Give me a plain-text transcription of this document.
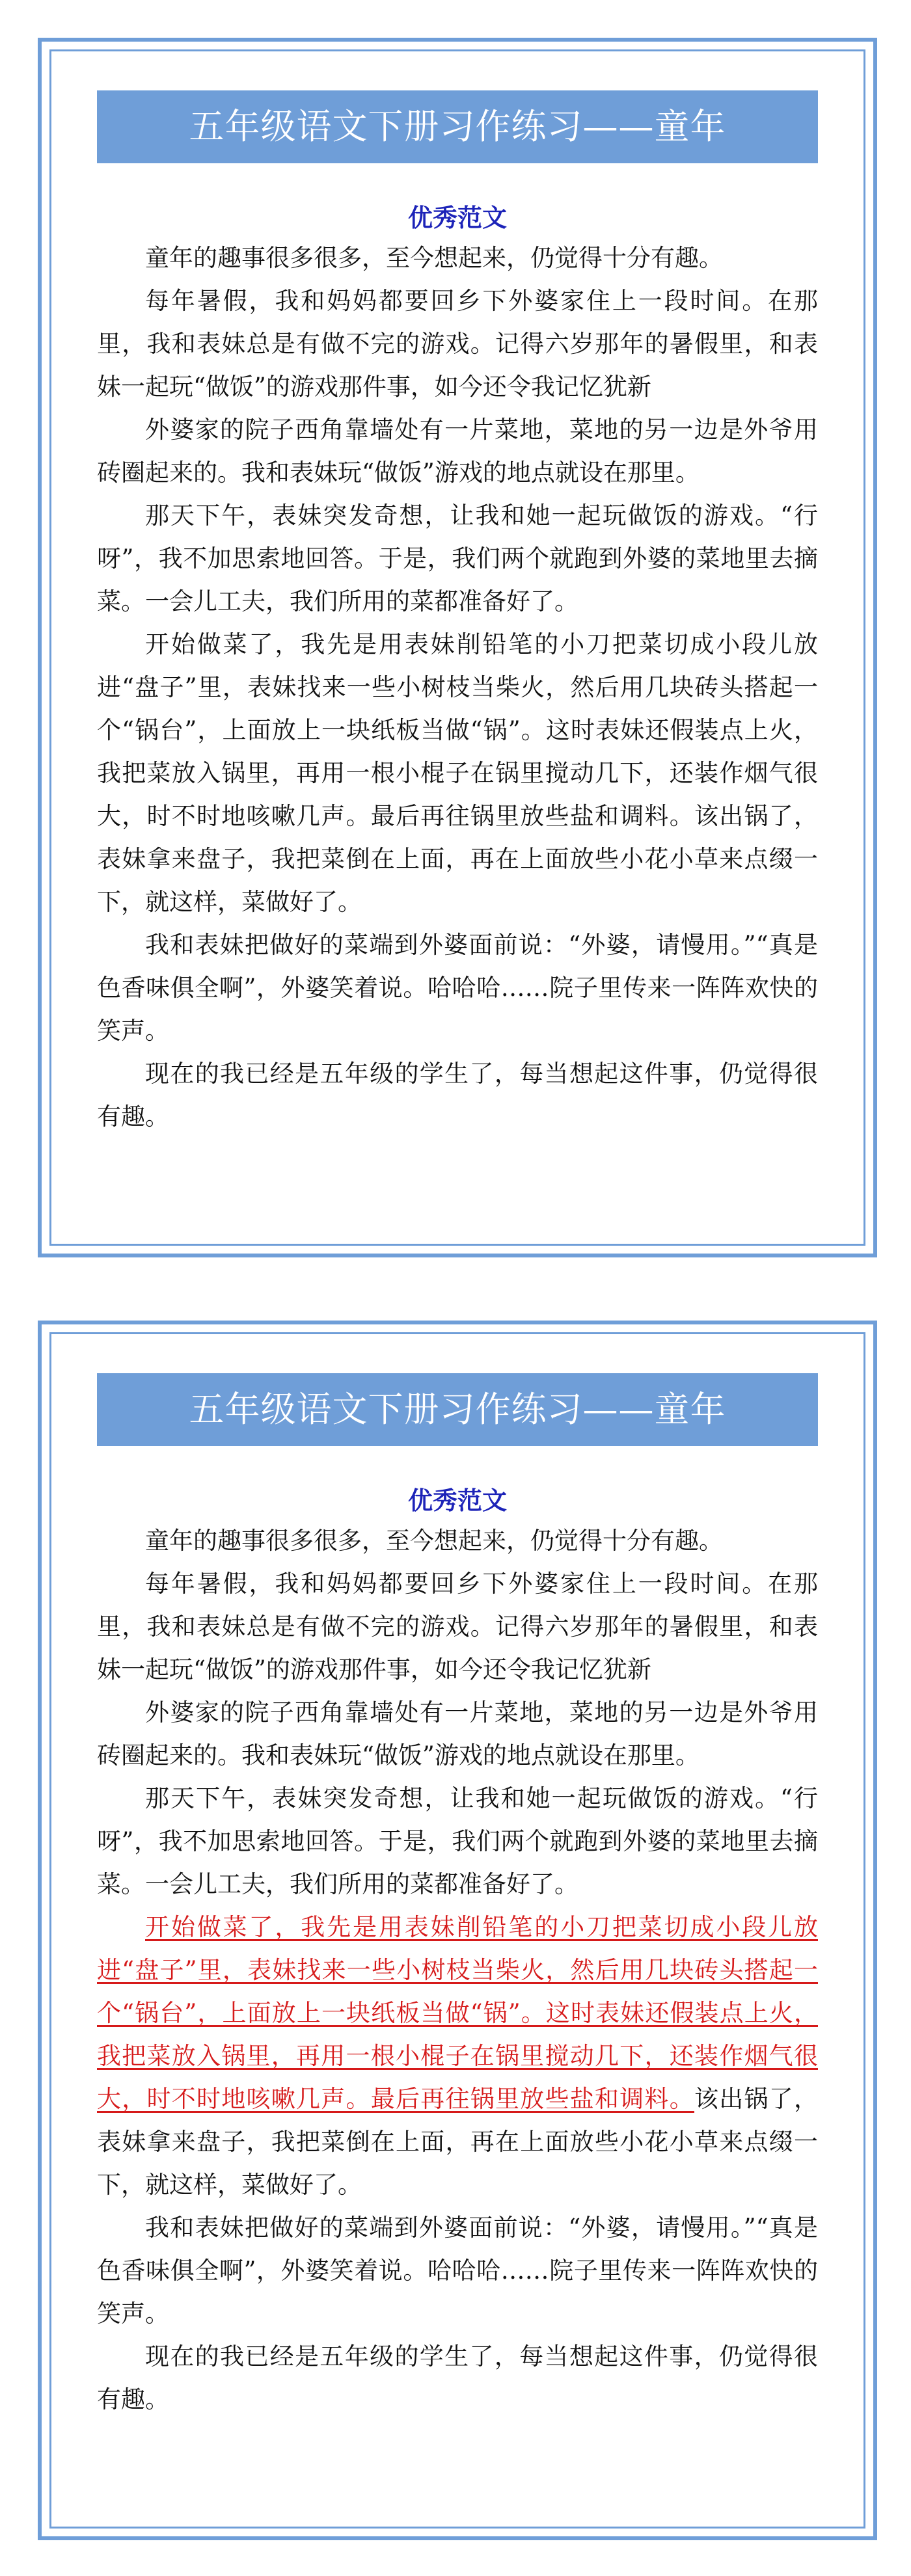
五年级语文下册习作练习——童年
优秀范文

童年的趣事很多很多，至今想起来，仍觉得十分有趣。

每年暑假，我和妈妈都要回乡下外婆家住上一段时间。在那里，我和表妹总是有做不完的游戏。记得六岁那年的暑假里，和表妹一起玩“做饭”的游戏那件事，如今还令我记忆犹新

外婆家的院子西角靠墙处有一片菜地，菜地的另一边是外爷用砖圈起来的。我和表妹玩“做饭”游戏的地点就设在那里。

那天下午，表妹突发奇想，让我和她一起玩做饭的游戏。“行呀”，我不加思索地回答。于是，我们两个就跑到外婆的菜地里去摘菜。一会儿工夫，我们所用的菜都准备好了。

开始做菜了，我先是用表妹削铅笔的小刀把菜切成小段儿放进“盘子”里，表妹找来一些小树枝当柴火，然后用几块砖头搭起一个“锅台”，上面放上一块纸板当做“锅”。这时表妹还假装点上火，我把菜放入锅里，再用一根小棍子在锅里搅动几下，还装作烟气很大，时不时地咳嗽几声。最后再往锅里放些盐和调料。该出锅了，表妹拿来盘子，我把菜倒在上面，再在上面放些小花小草来点缀一下，就这样，菜做好了。

我和表妹把做好的菜端到外婆面前说：“外婆，请慢用。”“真是色香味俱全啊”，外婆笑着说。哈哈哈……院子里传来一阵阵欢快的笑声。

现在的我已经是五年级的学生了，每当想起这件事，仍觉得很有趣。

五年级语文下册习作练习——童年
优秀范文

童年的趣事很多很多，至今想起来，仍觉得十分有趣。

每年暑假，我和妈妈都要回乡下外婆家住上一段时间。在那里，我和表妹总是有做不完的游戏。记得六岁那年的暑假里，和表妹一起玩“做饭”的游戏那件事，如今还令我记忆犹新

外婆家的院子西角靠墙处有一片菜地，菜地的另一边是外爷用砖圈起来的。我和表妹玩“做饭”游戏的地点就设在那里。

那天下午，表妹突发奇想，让我和她一起玩做饭的游戏。“行呀”，我不加思索地回答。于是，我们两个就跑到外婆的菜地里去摘菜。一会儿工夫，我们所用的菜都准备好了。

开始做菜了，我先是用表妹削铅笔的小刀把菜切成小段儿放进“盘子”里，表妹找来一些小树枝当柴火，然后用几块砖头搭起一个“锅台”，上面放上一块纸板当做“锅”。这时表妹还假装点上火，我把菜放入锅里，再用一根小棍子在锅里搅动几下，还装作烟气很大，时不时地咳嗽几声。最后再往锅里放些盐和调料。该出锅了，表妹拿来盘子，我把菜倒在上面，再在上面放些小花小草来点缀一下，就这样，菜做好了。

我和表妹把做好的菜端到外婆面前说：“外婆，请慢用。”“真是色香味俱全啊”，外婆笑着说。哈哈哈……院子里传来一阵阵欢快的笑声。

现在的我已经是五年级的学生了，每当想起这件事，仍觉得很有趣。
